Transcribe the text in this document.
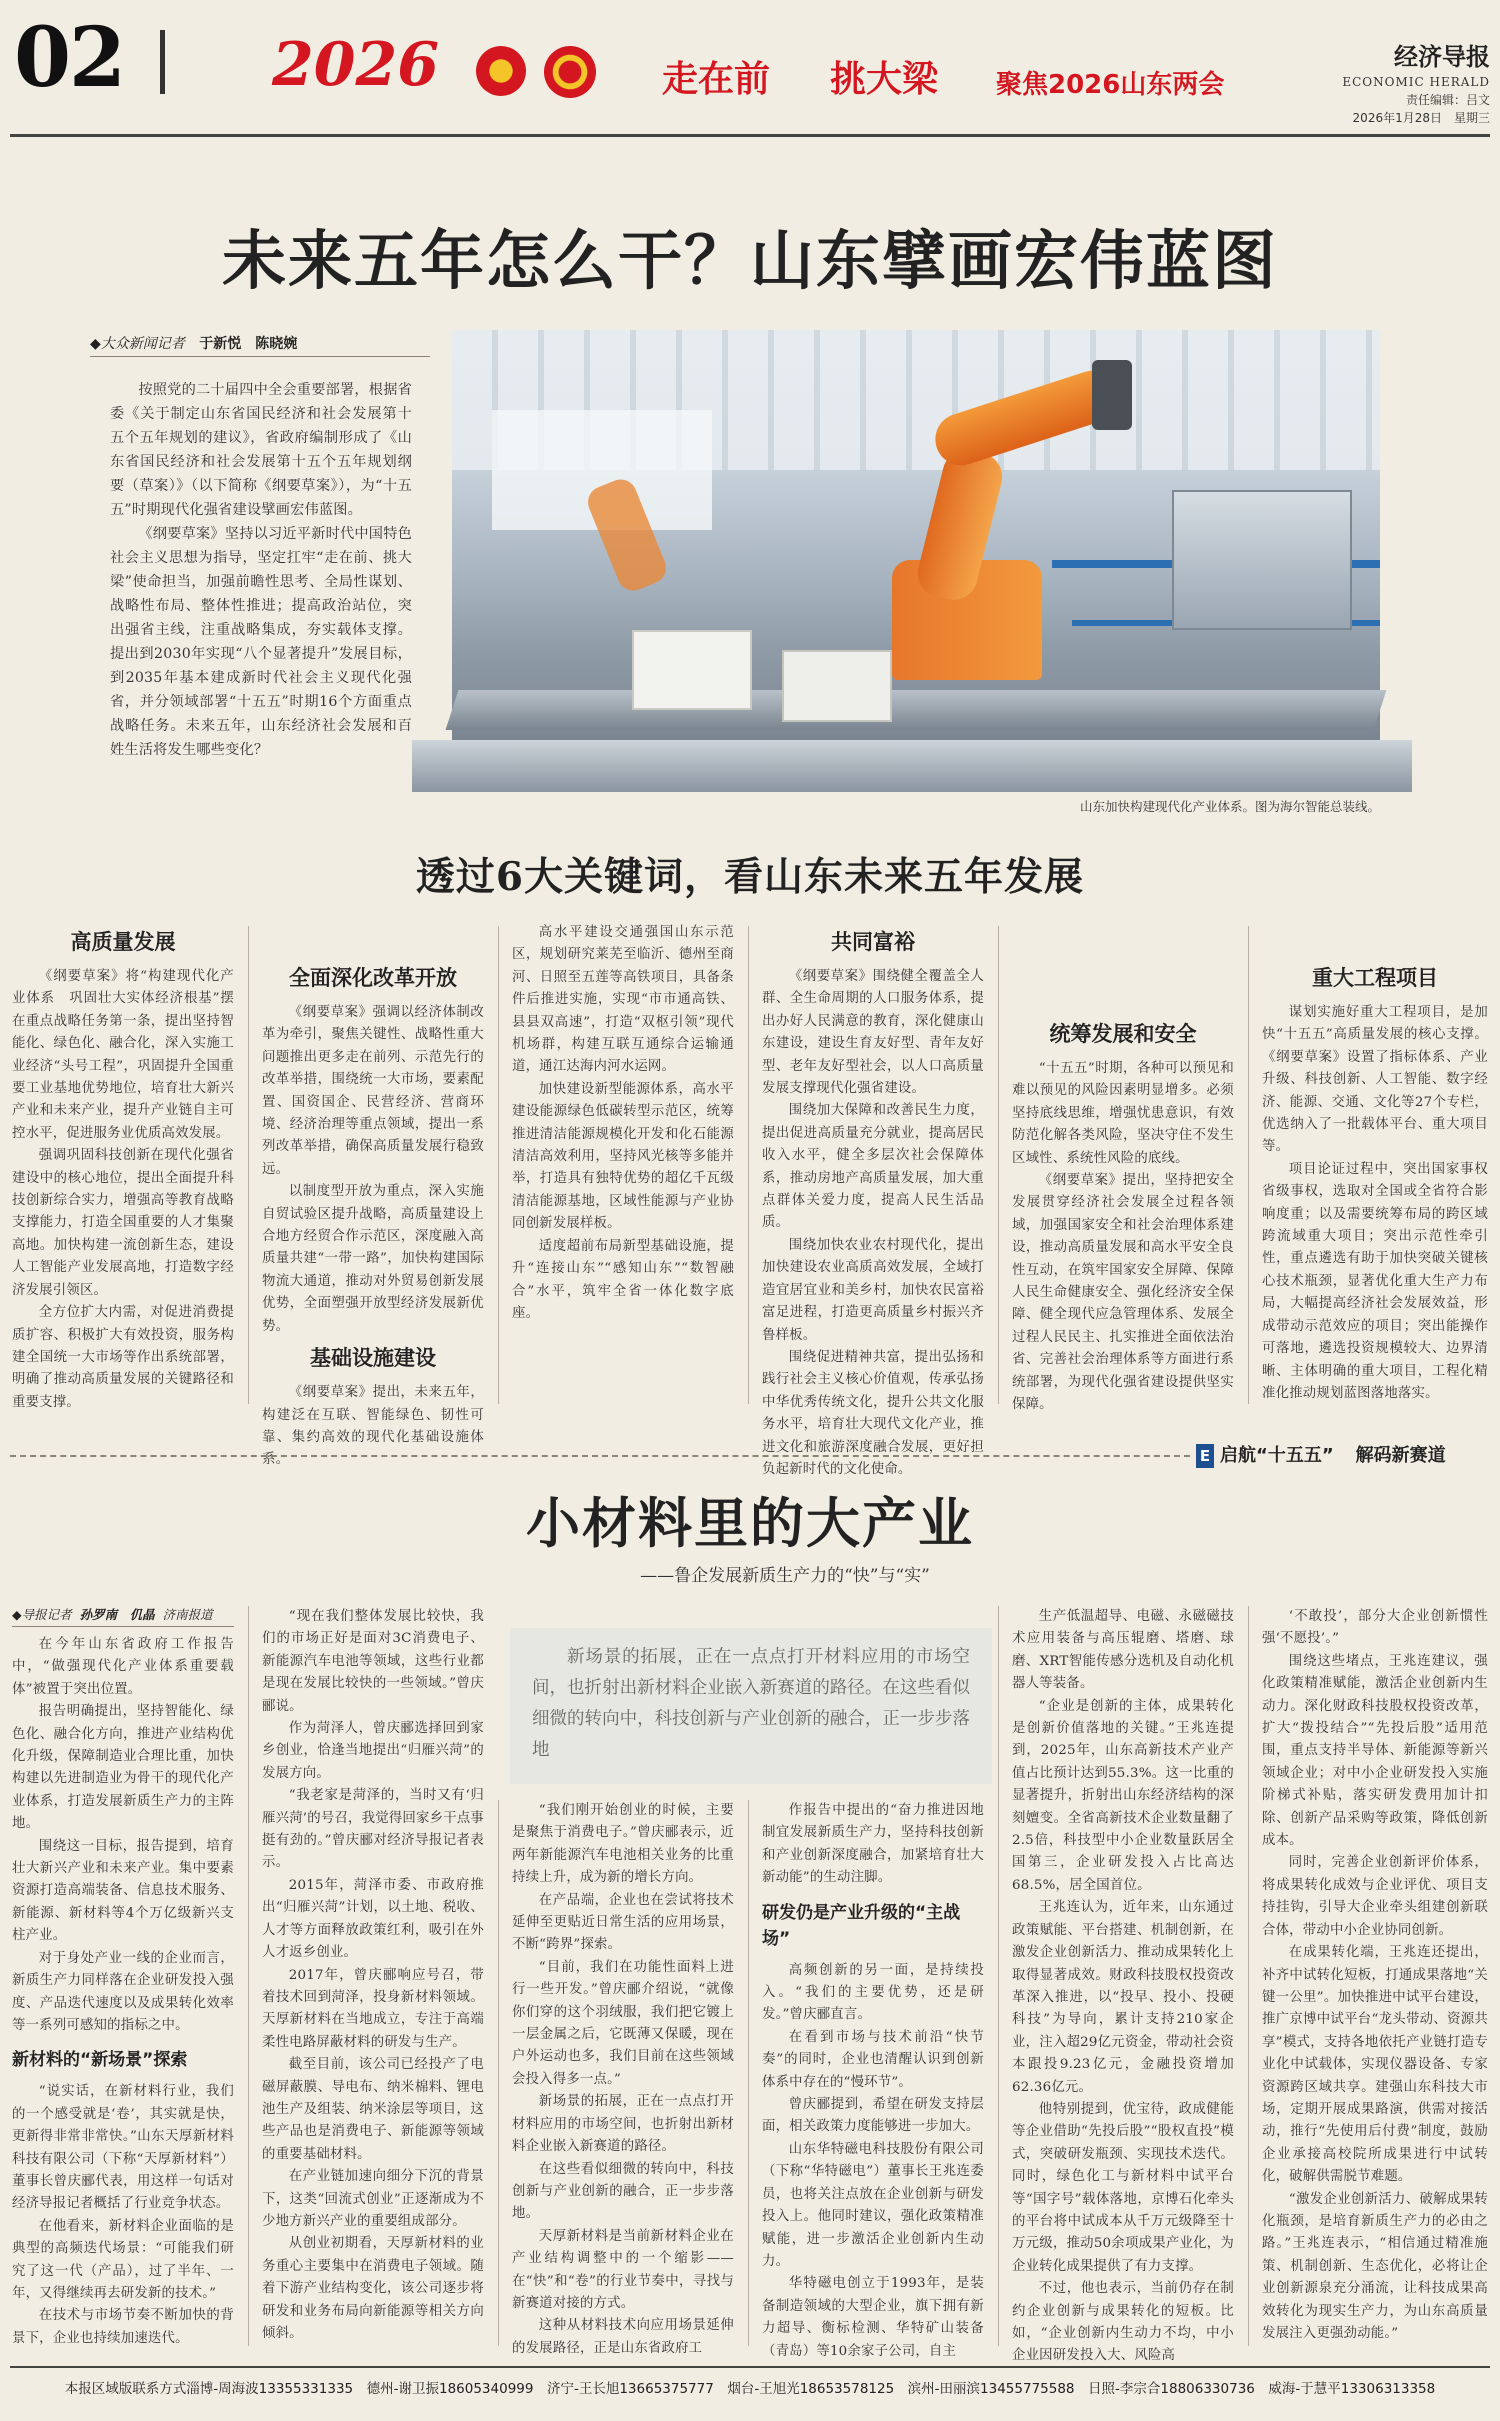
02 2026	走在前 挑大梁 聚焦2026山东两会
经济导报
ECONOMIC HERALD
责任编辑：吕文
2026年1月28日　星期三
未来五年怎么干？山东擘画宏伟蓝图
◆大众新闻记者 于新悦　陈晓婉

按照党的二十届四中全会重要部署，根据省委《关于制定山东省国民经济和社会发展第十五个五年规划的建议》，省政府编制形成了《山东省国民经济和社会发展第十五个五年规划纲要（草案）》（以下简称《纲要草案》），为“十五五”时期现代化强省建设擘画宏伟蓝图。

《纲要草案》坚持以习近平新时代中国特色社会主义思想为指导，坚定扛牢“走在前、挑大梁”使命担当，加强前瞻性思考、全局性谋划、战略性布局、整体性推进；提高政治站位，突出强省主线，注重战略集成，夯实载体支撑。提出到2030年实现“八个显著提升”发展目标，到2035年基本建成新时代社会主义现代化强省，并分领域部署“十五五”时期16个方面重点战略任务。未来五年，山东经济社会发展和百姓生活将发生哪些变化？

山东加快构建现代化产业体系。图为海尔智能总装线。
透过6大关键词，看山东未来五年发展
高质量发展

《纲要草案》将“构建现代化产业体系　巩固壮大实体经济根基”摆在重点战略任务第一条，提出坚持智能化、绿色化、融合化，深入实施工业经济“头号工程”，巩固提升全国重要工业基地优势地位，培育壮大新兴产业和未来产业，提升产业链自主可控水平，促进服务业优质高效发展。

强调巩固科技创新在现代化强省建设中的核心地位，提出全面提升科技创新综合实力，增强高等教育战略支撑能力，打造全国重要的人才集聚高地。加快构建一流创新生态，建设人工智能产业发展高地，打造数字经济发展引领区。

全方位扩大内需，对促进消费提质扩容、积极扩大有效投资，服务构建全国统一大市场等作出系统部署，明确了推动高质量发展的关键路径和重要支撑。

全面深化改革开放

《纲要草案》强调以经济体制改革为牵引，聚焦关键性、战略性重大问题推出更多走在前列、示范先行的改革举措，围绕统一大市场，要素配置、国资国企、民营经济、营商环境、经济治理等重点领域，提出一系列改革举措，确保高质量发展行稳致远。

以制度型开放为重点，深入实施自贸试验区提升战略，高质量建设上合地方经贸合作示范区，深度融入高质量共建“一带一路”，加快构建国际物流大通道，推动对外贸易创新发展优势，全面塑强开放型经济发展新优势。

基础设施建设

《纲要草案》提出，未来五年，构建泛在互联、智能绿色、韧性可靠、集约高效的现代化基础设施体系。

高水平建设交通强国山东示范区，规划研究莱芜至临沂、德州至商河、日照至五莲等高铁项目，具备条件后推进实施，实现“市市通高铁、县县双高速”，打造“双枢引领”现代机场群，构建互联互通综合运输通道，通江达海内河水运网。

加快建设新型能源体系，高水平建设能源绿色低碳转型示范区，统筹推进清洁能源规模化开发和化石能源清洁高效利用，坚持风光核等多能并举，打造具有独特优势的超亿千瓦级清洁能源基地，区域性能源与产业协同创新发展样板。

适度超前布局新型基础设施，提升“连接山东”“感知山东”“数智融合”水平，筑牢全省一体化数字底座。

共同富裕

《纲要草案》围绕健全覆盖全人群、全生命周期的人口服务体系，提出办好人民满意的教育，深化健康山东建设，建设生育友好型、青年友好型、老年友好型社会，以人口高质量发展支撑现代化强省建设。

围绕加大保障和改善民生力度，提出促进高质量充分就业，提高居民收入水平，健全多层次社会保障体系，推动房地产高质量发展，加大重点群体关爱力度，提高人民生活品质。

围绕加快农业农村现代化，提出加快建设农业高质高效发展，全域打造宜居宜业和美乡村，加快农民富裕富足进程，打造更高质量乡村振兴齐鲁样板。

围绕促进精神共富，提出弘扬和践行社会主义核心价值观，传承弘扬中华优秀传统文化，提升公共文化服务水平，培育壮大现代文化产业，推进文化和旅游深度融合发展，更好担负起新时代的文化使命。

统筹发展和安全

“十五五”时期，各种可以预见和难以预见的风险因素明显增多。必须坚持底线思维，增强忧患意识，有效防范化解各类风险，坚决守住不发生区域性、系统性风险的底线。

《纲要草案》提出，坚持把安全发展贯穿经济社会发展全过程各领域，加强国家安全和社会治理体系建设，推动高质量发展和高水平安全良性互动，在筑牢国家安全屏障、保障人民生命健康安全、强化经济安全保障、健全现代应急管理体系、发展全过程人民民主、扎实推进全面依法治省、完善社会治理体系等方面进行系统部署，为现代化强省建设提供坚实保障。

重大工程项目

谋划实施好重大工程项目，是加快“十五五”高质量发展的核心支撑。《纲要草案》设置了指标体系、产业升级、科技创新、人工智能、数字经济、能源、交通、文化等27个专栏，优选纳入了一批载体平台、重大项目等。

项目论证过程中，突出国家事权省级事权，选取对全国或全省符合影响度重；以及需要统筹布局的跨区域跨流域重大项目；突出示范性牵引性，重点遴选有助于加快突破关键核心技术瓶颈，显著优化重大生产力布局，大幅提高经济社会发展效益，形成带动示范效应的项目；突出能操作可落地，遴选投资规模较大、边界清晰、主体明确的重大项目，工程化精准化推动规划蓝图落地落实。

E 启航“十五五” 解码新赛道
小材料里的大产业
——鲁企发展新质生产力的“快”与“实”
◆导报记者 孙罗南　仉晶 济南报道
新场景的拓展，正在一点点打开材料应用的市场空间，也折射出新材料企业嵌入新赛道的路径。在这些看似细微的转向中，科技创新与产业创新的融合，正一步步落地

在今年山东省政府工作报告中，“做强现代化产业体系重要载体”被置于突出位置。

报告明确提出，坚持智能化、绿色化、融合化方向，推进产业结构优化升级，保障制造业合理比重，加快构建以先进制造业为骨干的现代化产业体系，打造发展新质生产力的主阵地。

围绕这一目标，报告提到，培育壮大新兴产业和未来产业。集中要素资源打造高端装备、信息技术服务、新能源、新材料等4个万亿级新兴支柱产业。

对于身处产业一线的企业而言，新质生产力同样落在企业研发投入强度、产品迭代速度以及成果转化效率等一系列可感知的指标之中。

新材料的“新场景”探索

“说实话，在新材料行业，我们的一个感受就是‘卷’，其实就是快，更新得非常非常快。”山东天厚新材料科技有限公司（下称“天厚新材料”）董事长曾庆郦代表，用这样一句话对经济导报记者概括了行业竞争状态。

在他看来，新材料企业面临的是典型的高频迭代场景：“可能我们研究了这一代（产品），过了半年、一年，又得继续再去研发新的技术。”

在技术与市场节奏不断加快的背景下，企业也持续加速迭代。

“现在我们整体发展比较快，我们的市场正好是面对3C消费电子、新能源汽车电池等领域，这些行业都是现在发展比较快的一些领域。”曾庆郦说。

作为菏泽人，曾庆郦选择回到家乡创业，恰逢当地提出“归雁兴菏”的发展方向。

“我老家是菏泽的，当时又有‘归雁兴菏’的号召，我觉得回家乡干点事挺有劲的。”曾庆郦对经济导报记者表示。

2015年，菏泽市委、市政府推出“归雁兴菏”计划，以土地、税收、人才等方面释放政策红利，吸引在外人才返乡创业。

2017年，曾庆郦响应号召，带着技术回到菏泽，投身新材料领域。天厚新材料在当地成立，专注于高端柔性电路屏蔽材料的研发与生产。

截至目前，该公司已经投产了电磁屏蔽膜、导电布、纳米棉料、锂电池生产及组装、纳米涂层等项目，这些产品也是消费电子、新能源等领域的重要基础材料。

在产业链加速向细分下沉的背景下，这类“回流式创业”正逐渐成为不少地方新兴产业的重要组成部分。

从创业初期看，天厚新材料的业务重心主要集中在消费电子领域。随着下游产业结构变化，该公司逐步将研发和业务布局向新能源等相关方向倾斜。

“我们刚开始创业的时候，主要是聚焦于消费电子。”曾庆郦表示，近两年新能源汽车电池相关业务的比重持续上升，成为新的增长方向。

在产品端，企业也在尝试将技术延伸至更贴近日常生活的应用场景，不断“跨界”探索。

“目前，我们在功能性面料上进行一些开发。”曾庆郦介绍说，“就像你们穿的这个羽绒服，我们把它镀上一层金属之后，它既薄又保暖，现在户外运动也多，我们目前在这些领域会投入得多一点。”

新场景的拓展，正在一点点打开材料应用的市场空间，也折射出新材料企业嵌入新赛道的路径。

在这些看似细微的转向中，科技创新与产业创新的融合，正一步步落地。

天厚新材料是当前新材料企业在产业结构调整中的一个缩影——在“快”和“卷”的行业节奏中，寻找与新赛道对接的方式。

这种从材料技术向应用场景延伸的发展路径，正是山东省政府工

作报告中提出的“奋力推进因地制宜发展新质生产力，坚持科技创新和产业创新深度融合，加紧培育壮大新动能”的生动注脚。

研发仍是产业升级的“主战场”

高频创新的另一面，是持续投入。“我们的主要优势，还是研发。”曾庆郦直言。

在看到市场与技术前沿“快节奏”的同时，企业也清醒认识到创新体系中存在的“慢环节”。

曾庆郦提到，希望在研发支持层面，相关政策力度能够进一步加大。

山东华特磁电科技股份有限公司（下称“华特磁电”）董事长王兆连委员，也将关注点放在企业创新与研发投入上。他同时建议，强化政策精准赋能，进一步激活企业创新内生动力。

华特磁电创立于1993年，是装备制造领域的大型企业，旗下拥有新力超导、衡标检测、华特矿山装备（青岛）等10余家子公司，自主

生产低温超导、电磁、永磁磁技术应用装备与高压辊磨、塔磨、球磨、XRT智能传感分选机及自动化机器人等装备。

“企业是创新的主体，成果转化是创新价值落地的关键。”王兆连提到，2025年，山东高新技术产业产值占比预计达到55.3%。这一比重的显著提升，折射出山东经济结构的深刻嬗变。全省高新技术企业数量翻了2.5倍，科技型中小企业数量跃居全国第三，企业研发投入占比高达68.5%，居全国首位。

王兆连认为，近年来，山东通过政策赋能、平台搭建、机制创新，在激发企业创新活力、推动成果转化上取得显著成效。财政科技股权投资改革深入推进，以“投早、投小、投硬科技”为导向，累计支持210家企业，注入超29亿元资金，带动社会资本跟投9.23亿元，金融投资增加62.36亿元。

他特别提到，优宝待，政成健能等企业借助“先投后股”“股权直投”模式，突破研发瓶颈、实现技术迭代。同时，绿色化工与新材料中试平台等“国字号”载体落地，京博石化牵头的平台将中试成本从千万元级降至十万元级，推动50余项成果产业化，为企业转化成果提供了有力支撑。

不过，他也表示，当前仍存在制约企业创新与成果转化的短板。比如，“企业创新内生动力不均，中小企业因研发投入大、风险高

‘不敢投’，部分大企业创新惯性强‘不愿投’。”

围绕这些堵点，王兆连建议，强化政策精准赋能，激活企业创新内生动力。深化财政科技股权投资改革，扩大“拨投结合”“先投后股”适用范围，重点支持半导体、新能源等新兴领域企业；对中小企业研发投入实施阶梯式补贴，落实研发费用加计扣除、创新产品采购等政策，降低创新成本。

同时，完善企业创新评价体系，将成果转化成效与企业评优、项目支持挂钩，引导大企业牵头组建创新联合体，带动中小企业协同创新。

在成果转化端，王兆连还提出，补齐中试转化短板，打通成果落地“关键一公里”。加快推进中试平台建设，推广京博中试平台“龙头带动、资源共享”模式，支持各地依托产业链打造专业化中试载体，实现仪器设备、专家资源跨区域共享。建强山东科技大市场，定期开展成果路演，供需对接活动，推行“先使用后付费”制度，鼓励企业承接高校院所成果进行中试转化，破解供需脱节难题。

“激发企业创新活力、破解成果转化瓶颈，是培育新质生产力的必由之路。”王兆连表示，“相信通过精准施策、机制创新、生态优化，必将让企业创新源泉充分涌流，让科技成果高效转化为现实生产力，为山东高质量发展注入更强劲动能。”

本报区域版联系方式淄博-周海波13355331335　德州-谢卫振18605340999　济宁-王长旭13665375777　烟台-王旭光18653578125　滨州-田丽滨13455775588　日照-李宗合18806330736　威海-于慧平13306313358
